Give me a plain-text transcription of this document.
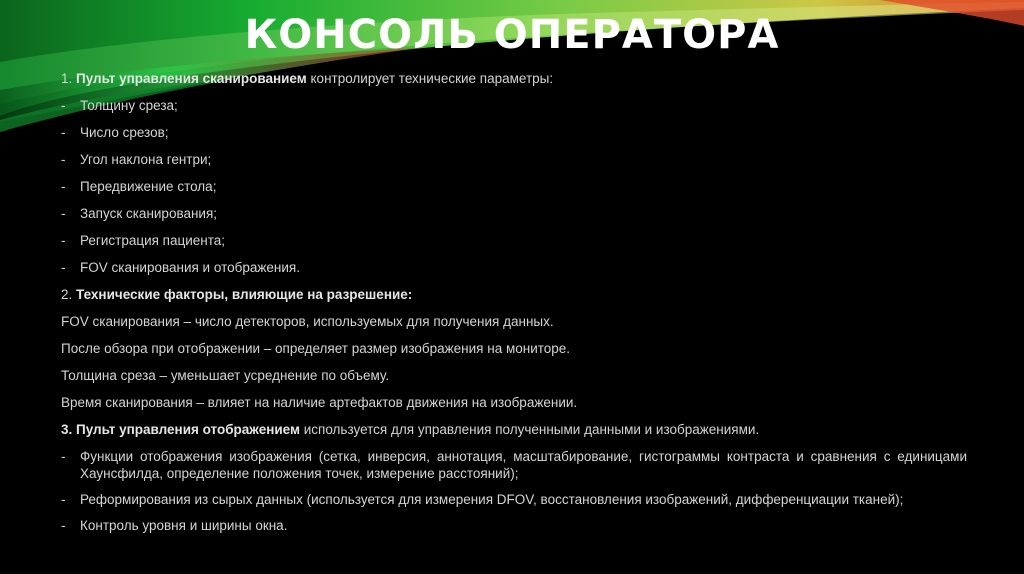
КОНСОЛЬ ОПЕРАТОРА
1. Пульт управления сканированием контролирует технические параметры:
-	Толщину среза;
-	Число срезов;
-	Угол наклона гентри;
-	Передвижение стола;
-	Запуск сканирования;
-	Регистрация пациента;
-	FOV сканирования и отображения.
2. Технические факторы, влияющие на разрешение:
FOV сканирования – число детекторов, используемых для получения данных.
После обзора при отображении – определяет размер изображения на мониторе.
Толщина среза – уменьшает усреднение по объему.
Время сканирования – влияет на наличие артефактов движения на изображении.
3. Пульт управления отображением используется для управления полученными данными и изображениями.
-	Функции отображения изображения (сетка, инверсия, аннотация, масштабирование, гистограммы контраста и сравнения с единицами Хаунсфилда, определение положения точек, измерение расстояний);
-	Реформирования из сырых данных (используется для измерения DFOV, восстановления изображений, дифференциации тканей);
-	Контроль уровня и ширины окна.
